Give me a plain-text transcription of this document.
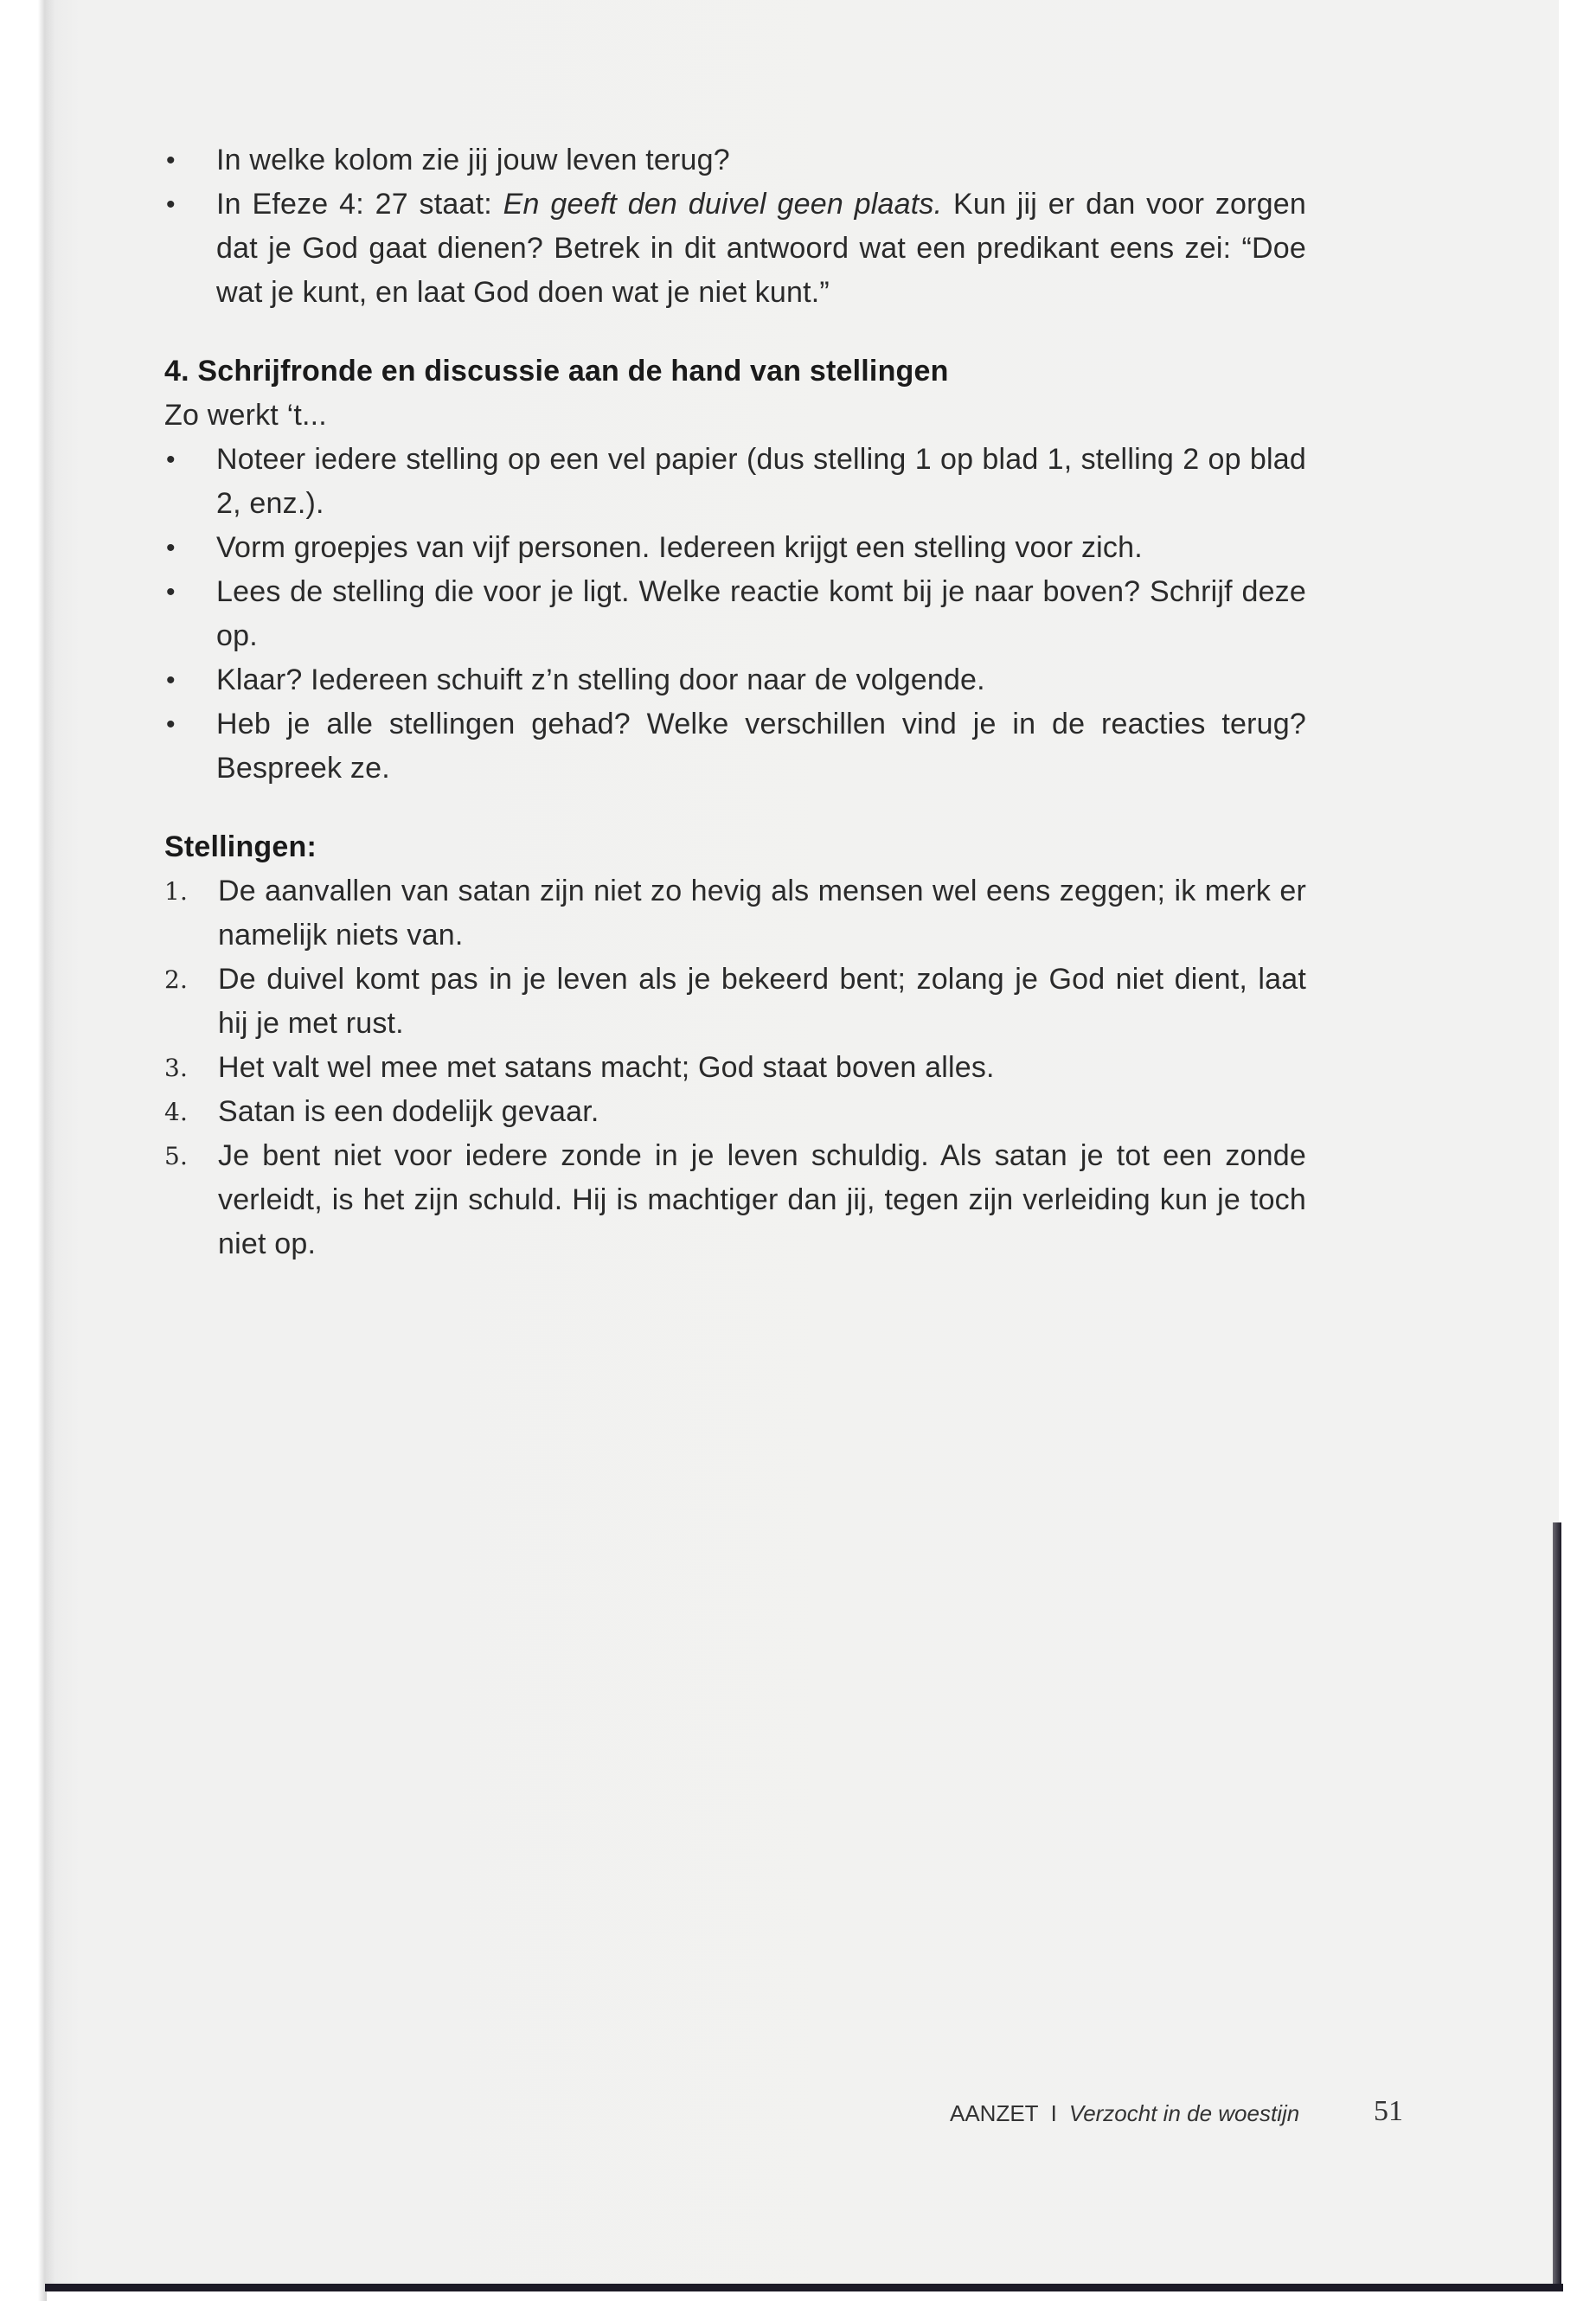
• In welke kolom zie jij jouw leven terug?
• In Efeze 4: 27 staat: En geeft den duivel geen plaats. Kun jij er dan voor zorgen dat je God gaat dienen? Betrek in dit antwoord wat een predikant eens zei: “Doe wat je kunt, en laat God doen wat je niet kunt.”
4. Schrijfronde en discussie aan de hand van stellingen
Zo werkt ‘t...
• Noteer iedere stelling op een vel papier (dus stelling 1 op blad 1, stelling 2 op blad 2, enz.).
• Vorm groepjes van vijf personen. Iedereen krijgt een stelling voor zich.
• Lees de stelling die voor je ligt. Welke reactie komt bij je naar boven? Schrijf deze op.
• Klaar? Iedereen schuift z’n stelling door naar de volgende.
• Heb je alle stellingen gehad? Welke verschillen vind je in de reacties terug? Bespreek ze.
Stellingen:
1. De aanvallen van satan zijn niet zo hevig als mensen wel eens zeggen; ik merk er namelijk niets van.
2. De duivel komt pas in je leven als je bekeerd bent; zolang je God niet dient, laat hij je met rust.
3. Het valt wel mee met satans macht; God staat boven alles.
4. Satan is een dodelijk gevaar.
5. Je bent niet voor iedere zonde in je leven schuldig. Als satan je tot een zonde verleidt, is het zijn schuld. Hij is machtiger dan jij, tegen zijn verleiding kun je toch niet op.
AANZET I Verzocht in de woestijn	51
